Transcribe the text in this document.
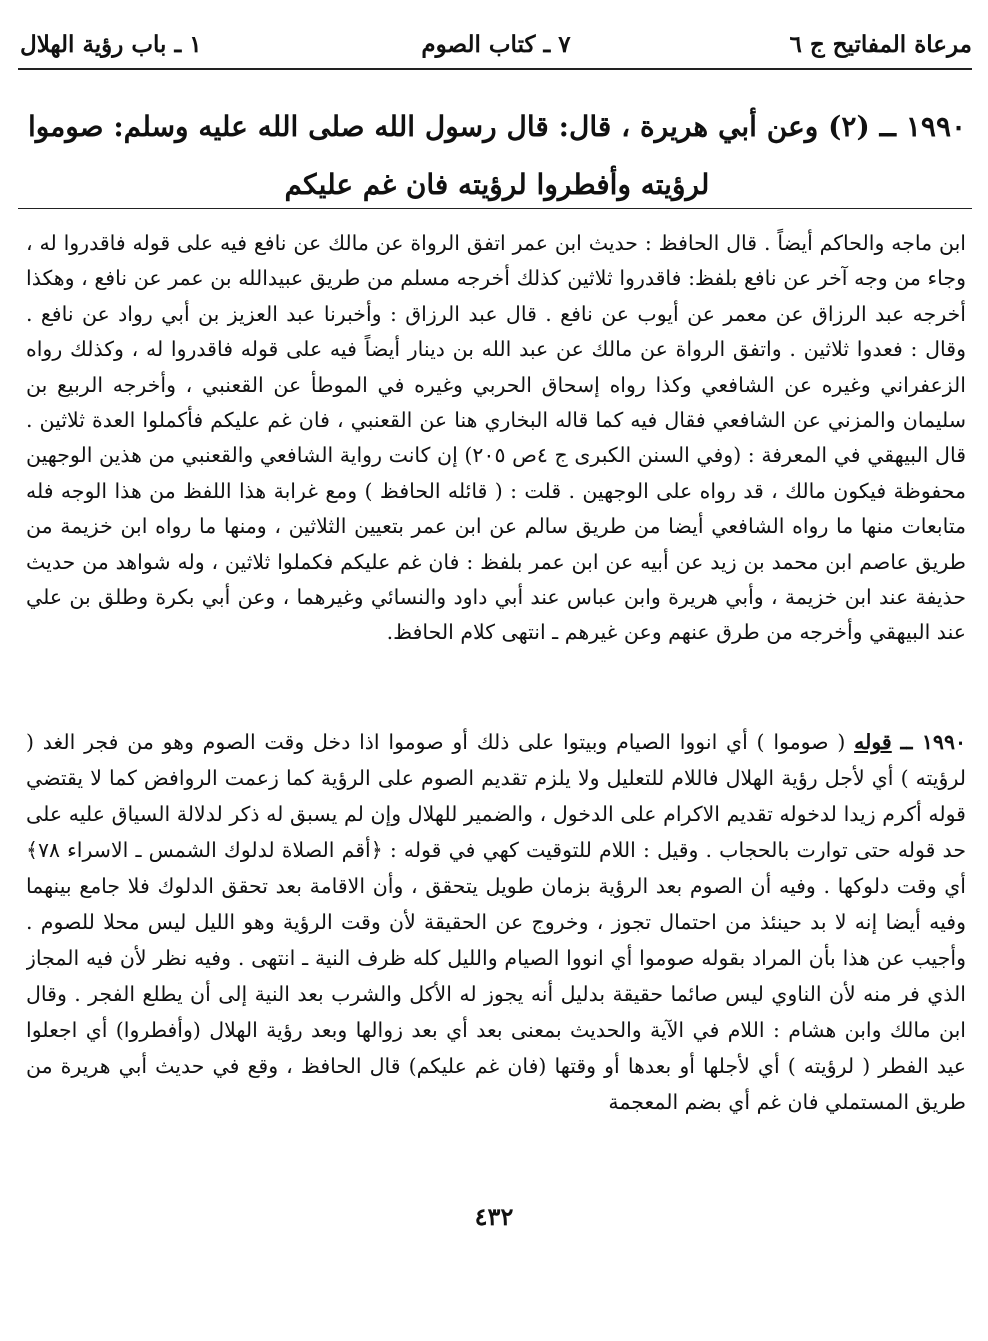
مرعاة المفاتيح ج ٦
٧ ـ كتاب الصوم
١ ـ باب رؤية الهلال
١٩٩٠ ــ (٢) وعن أبي هريرة ، قال: قال رسول الله صلى الله عليه وسلم: صوموا لرؤيته وأفطروا لرؤيته فان غم عليكم
ابن ماجه والحاكم أيضاً . قال الحافظ : حديث ابن عمر اتفق الرواة عن مالك عن نافع فيه على قوله فاقدروا له ، وجاء من وجه آخر عن نافع بلفظ: فاقدروا ثلاثين كذلك أخرجه مسلم من طريق عبيدالله بن عمر عن نافع ، وهكذا أخرجه عبد الرزاق عن معمر عن أيوب عن نافع . قال عبد الرزاق : وأخبرنا عبد العزيز بن أبي رواد عن نافع . وقال : فعدوا ثلاثين . واتفق الرواة عن مالك عن عبد الله بن دينار أيضاً فيه على قوله فاقدروا له ، وكذلك رواه الزعفراني وغيره عن الشافعي وكذا رواه إسحاق الحربي وغيره في الموطأ عن القعنبي ، وأخرجه الربيع بن سليمان والمزني عن الشافعي فقال فيه كما قاله البخاري هنا عن القعنبي ، فان غم عليكم فأكملوا العدة ثلاثين . قال البيهقي في المعرفة : (وفي السنن الكبرى ج ٤ص ٢٠٥) إن كانت رواية الشافعي والقعنبي من هذين الوجهين محفوظة فيكون مالك ، قد رواه على الوجهين . قلت : ( قائله الحافظ ) ومع غرابة هذا اللفظ من هذا الوجه فله متابعات منها ما رواه الشافعي أيضا من طريق سالم عن ابن عمر بتعيين الثلاثين ، ومنها ما رواه ابن خزيمة من طريق عاصم ابن محمد بن زيد عن أبيه عن ابن عمر بلفظ : فان غم عليكم فكملوا ثلاثين ، وله شواهد من حديث حذيفة عند ابن خزيمة ، وأبي هريرة وابن عباس عند أبي داود والنسائي وغيرهما ، وعن أبي بكرة وطلق بن علي عند البيهقي وأخرجه من طرق عنهم وعن غيرهم ـ انتهى كلام الحافظ.
١٩٩٠ ــ قوله ( صوموا ) أي انووا الصيام وبيتوا على ذلك أو صوموا اذا دخل وقت الصوم وهو من فجر الغد ( لرؤيته ) أي لأجل رؤية الهلال فاللام للتعليل ولا يلزم تقديم الصوم على الرؤية كما زعمت الروافض كما لا يقتضي قوله أكرم زيدا لدخوله تقديم الاكرام على الدخول ، والضمير للهلال وإن لم يسبق له ذكر لدلالة السياق عليه على حد قوله حتى توارت بالحجاب . وقيل : اللام للتوقيت كهي في قوله : ﴿أقم الصلاة لدلوك الشمس ـ الاسراء ٧٨﴾ أي وقت دلوكها . وفيه أن الصوم بعد الرؤية بزمان طويل يتحقق ، وأن الاقامة بعد تحقق الدلوك فلا جامع بينهما وفيه أيضا إنه لا بد حينئذ من احتمال تجوز ، وخروج عن الحقيقة لأن وقت الرؤية وهو الليل ليس محلا للصوم . وأجيب عن هذا بأن المراد بقوله صوموا أي انووا الصيام والليل كله ظرف النية ـ انتهى . وفيه نظر لأن فيه المجاز الذي فر منه لأن الناوي ليس صائما حقيقة بدليل أنه يجوز له الأكل والشرب بعد النية إلى أن يطلع الفجر . وقال ابن مالك وابن هشام : اللام في الآية والحديث بمعنى بعد أي بعد زوالها وبعد رؤية الهلال (وأفطروا) أي اجعلوا عيد الفطر ( لرؤيته ) أي لأجلها أو بعدها أو وقتها (فان غم عليكم) قال الحافظ ، وقع في حديث أبي هريرة من طريق المستملي فان غم أي بضم المعجمة
٤٣٢
